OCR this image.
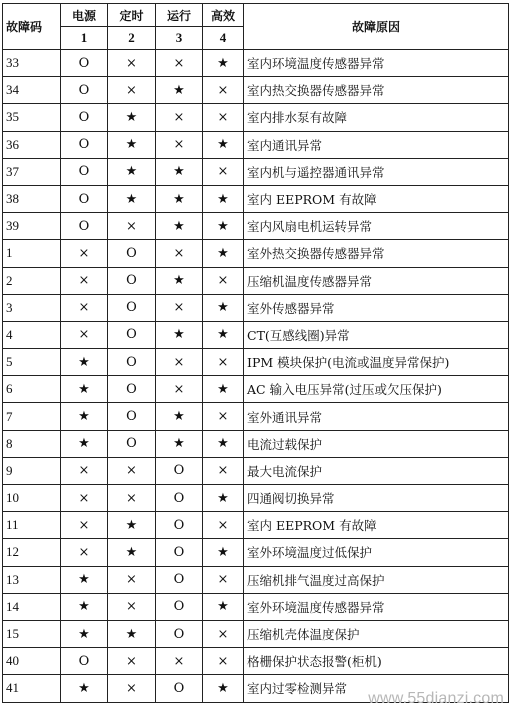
故障码	电源	定时	运行	高效	故障原因
	1	2	3	4	
33	O	×	×	★	室内环境温度传感器异常
34	O	×	★	×	室内热交换器传感器异常
35	O	★	×	×	室内排水泵有故障
36	O	★	×	★	室内通讯异常
37	O	★	★	×	室内机与遥控器通讯异常
38	O	★	★	★	室内 EEPROM 有故障
39	O	×	★	★	室内风扇电机运转异常
1	×	O	×	★	室外热交换器传感器异常
2	×	O	★	×	压缩机温度传感器异常
3	×	O	×	★	室外传感器异常
4	×	O	★	★	CT(互感线圈)异常
5	★	O	×	×	IPM 模块保护(电流或温度异常保护)
6	★	O	×	★	AC 输入电压异常(过压或欠压保护)
7	★	O	★	×	室外通讯异常
8	★	O	★	★	电流过载保护
9	×	×	O	×	最大电流保护
10	×	×	O	★	四通阀切换异常
11	×	★	O	×	室内 EEPROM 有故障
12	×	★	O	★	室外环境温度过低保护
13	★	×	O	×	压缩机排气温度过高保护
14	★	×	O	★	室外环境温度传感器异常
15	★	★	O	×	压缩机壳体温度保护
40	O	×	×	×	格栅保护状态报警(柜机)
41	★	×	O	★	室内过零检测异常
www.55dianzi.com
